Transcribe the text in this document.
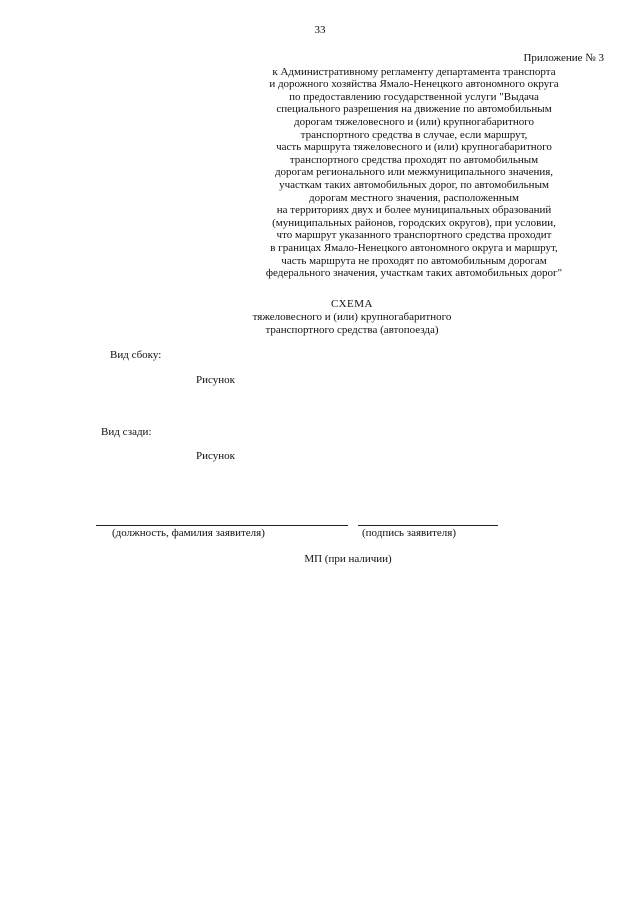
33
Приложение № 3
к Административному регламенту департамента транспорта
и дорожного хозяйства Ямало-Ненецкого автономного округа
по предоставлению государственной услуги "Выдача
специального разрешения на движение по автомобильным
дорогам тяжеловесного и (или) крупногабаритного
транспортного средства в случае, если маршрут,
часть маршрута тяжеловесного и (или) крупногабаритного
транспортного средства проходят по автомобильным
дорогам регионального или межмуниципального значения,
участкам таких автомобильных дорог, по автомобильным
дорогам местного значения, расположенным
на территориях двух и более муниципальных образований
(муниципальных районов, городских округов), при условии,
что маршрут указанного транспортного средства проходит
в границах Ямало-Ненецкого автономного округа и маршрут,
часть маршрута не проходят по автомобильным дорогам
федерального значения, участкам таких автомобильных дорог"
СХЕМА
тяжеловесного и (или) крупногабаритного
транспортного средства (автопоезда)
Вид сбоку:
Рисунок
Вид сзади:
Рисунок
(должность, фамилия заявителя)	(подпись заявителя)
МП (при наличии)
